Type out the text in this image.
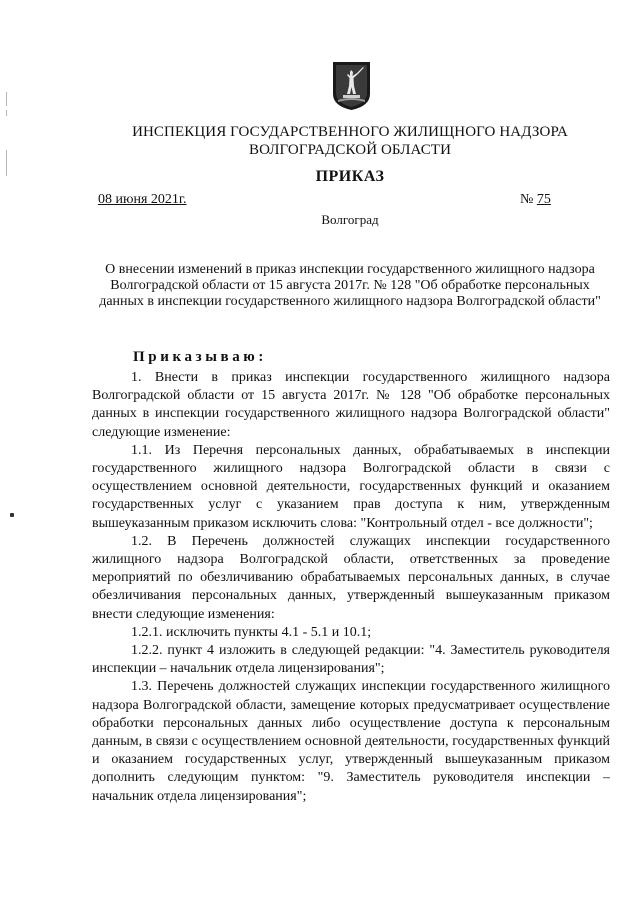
ИНСПЕКЦИЯ ГОСУДАРСТВЕННОГО ЖИЛИЩНОГО НАДЗОРА
ВОЛГОГРАДСКОЙ ОБЛАСТИ
ПРИКАЗ
08 июня 2021г.	№ 75
Волгоград
О внесении изменений в приказ инспекции государственного жилищного надзора Волгоградской области от 15 августа 2017г. № 128 "Об обработке персональных данных в инспекции государственного жилищного надзора Волгоградской области"
Приказываю:

1. Внести в приказ инспекции государственного жилищного надзора Волгоградской области от 15 августа 2017г. № 128 "Об обработке персональных данных в инспекции государственного жилищного надзора Волгоградской области" следующие изменение:

1.1. Из Перечня персональных данных, обрабатываемых в инспекции государственного жилищного надзора Волгоградской области в связи с осуществлением основной деятельности, государственных функций и оказанием государственных услуг с указанием прав доступа к ним, утвержденным вышеуказанным приказом исключить слова: "Контрольный отдел - все должности";

1.2. В Перечень должностей служащих инспекции государственного жилищного надзора Волгоградской области, ответственных за проведение мероприятий по обезличиванию обрабатываемых персональных данных, в случае обезличивания персональных данных, утвержденный вышеуказанным приказом внести следующие изменения:

1.2.1. исключить пункты 4.1 - 5.1 и 10.1;

1.2.2. пункт 4 изложить в следующей редакции: "4. Заместитель руководителя инспекции – начальник отдела лицензирования";

1.3. Перечень должностей служащих инспекции государственного жилищного надзора Волгоградской области, замещение которых предусматривает осуществление обработки персональных данных либо осуществление доступа к персональным данным, в связи с осуществлением основной деятельности, государственных функций и оказанием государственных услуг, утвержденный вышеуказанным приказом дополнить следующим пунктом: "9. Заместитель руководителя инспекции – начальник отдела лицензирования";
